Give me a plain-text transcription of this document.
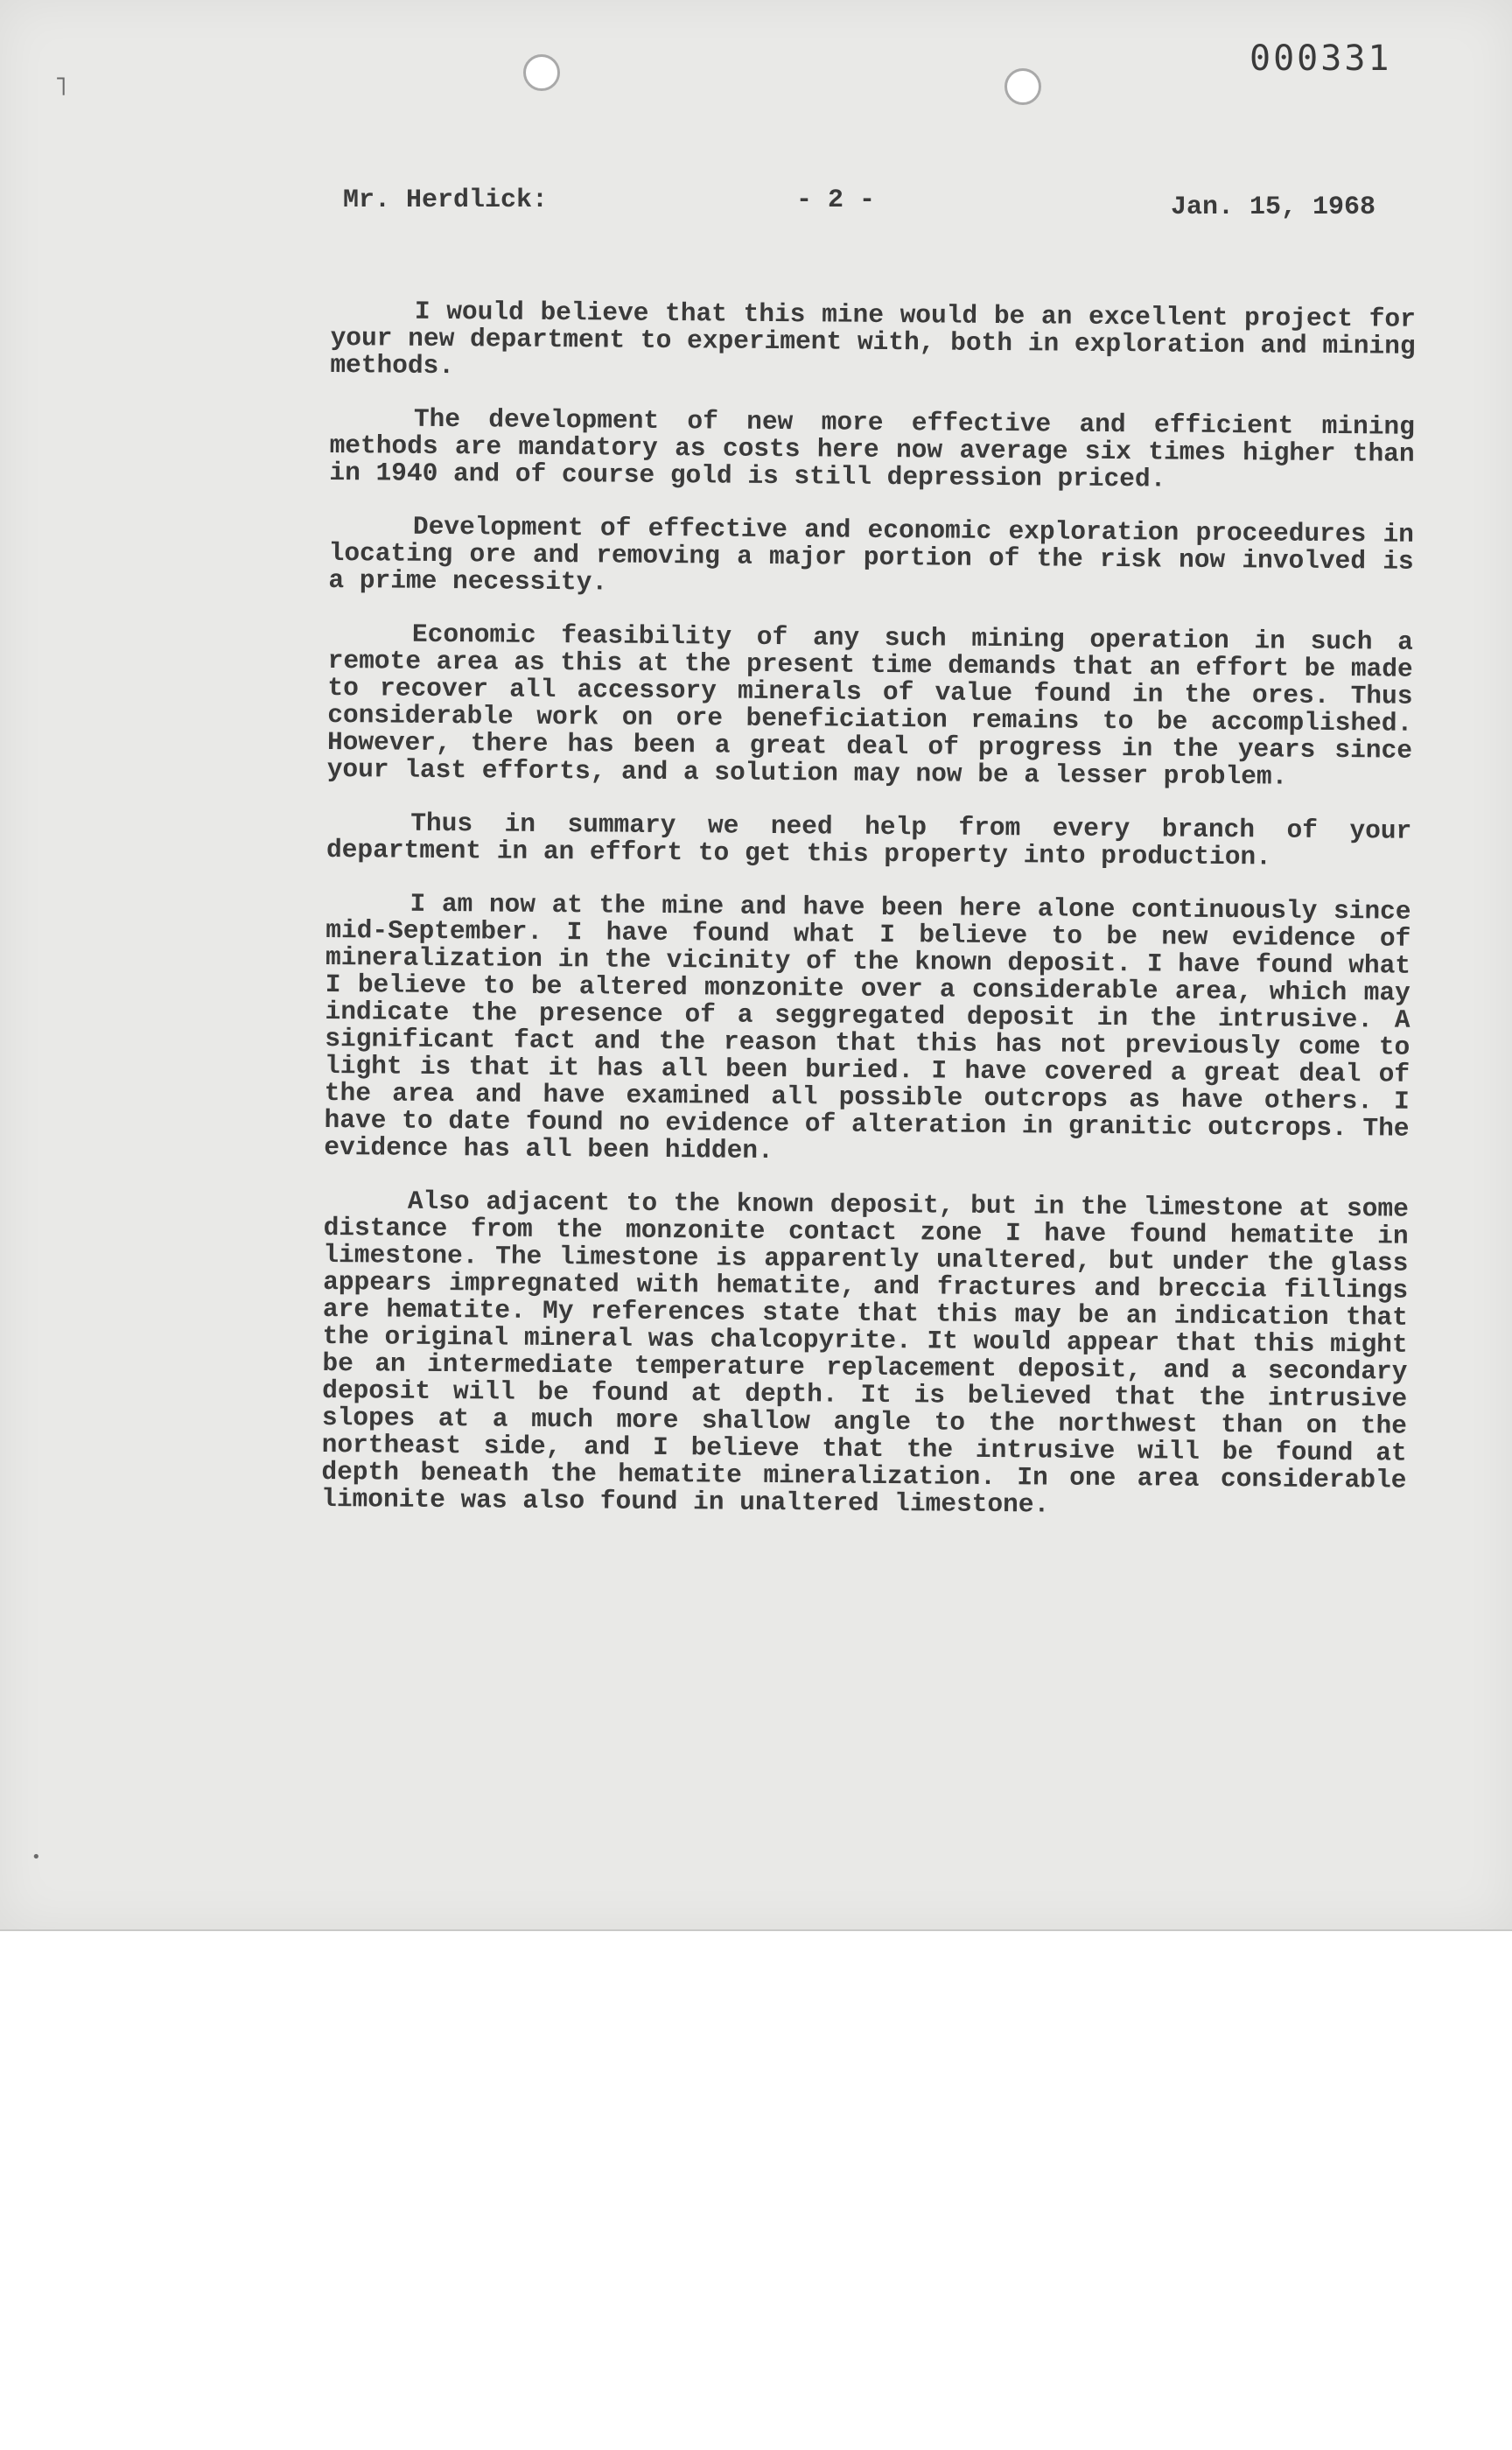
˥
•
000331
Mr. Herdlick:	- 2 -	Jan. 15, 1968

I would believe that this mine would be an excellent project for your new department to experiment with, both in exploration and mining methods.

The development of new more effective and efficient mining methods are mandatory as costs here now average six times higher than in 1940 and of course gold is still depression priced.

Development of effective and economic exploration proceedures in locating ore and removing a major portion of the risk now involved is a prime necessity.

Economic feasibility of any such mining operation in such a remote area as this at the present time demands that an effort be made to recover all accessory minerals of value found in the ores. Thus considerable work on ore beneficiation remains to be accomplished. However, there has been a great deal of progress in the years since your last efforts, and a solution may now be a lesser problem.

Thus in summary we need help from every branch of your department in an effort to get this property into production.

I am now at the mine and have been here alone continuously since mid-September. I have found what I believe to be new evidence of mineralization in the vicinity of the known deposit. I have found what I believe to be altered monzonite over a considerable area, which may indicate the presence of a seggregated deposit in the intrusive. A significant fact and the reason that this has not previously come to light is that it has all been buried. I have covered a great deal of the area and have examined all possible outcrops as have others. I have to date found no evidence of alteration in granitic outcrops. The evidence has all been hidden.

Also adjacent to the known deposit, but in the limestone at some distance from the monzonite contact zone I have found hematite in limestone. The limestone is apparently unaltered, but under the glass appears impregnated with hematite, and fractures and breccia fillings are hematite. My references state that this may be an indication that the original mineral was chalcopyrite. It would appear that this might be an intermediate temperature replacement deposit, and a secondary deposit will be found at depth. It is believed that the intrusive slopes at a much more shallow angle to the northwest than on the northeast side, and I believe that the intrusive will be found at depth beneath the hematite mineralization. In one area considerable limonite was also found in unaltered limestone.
